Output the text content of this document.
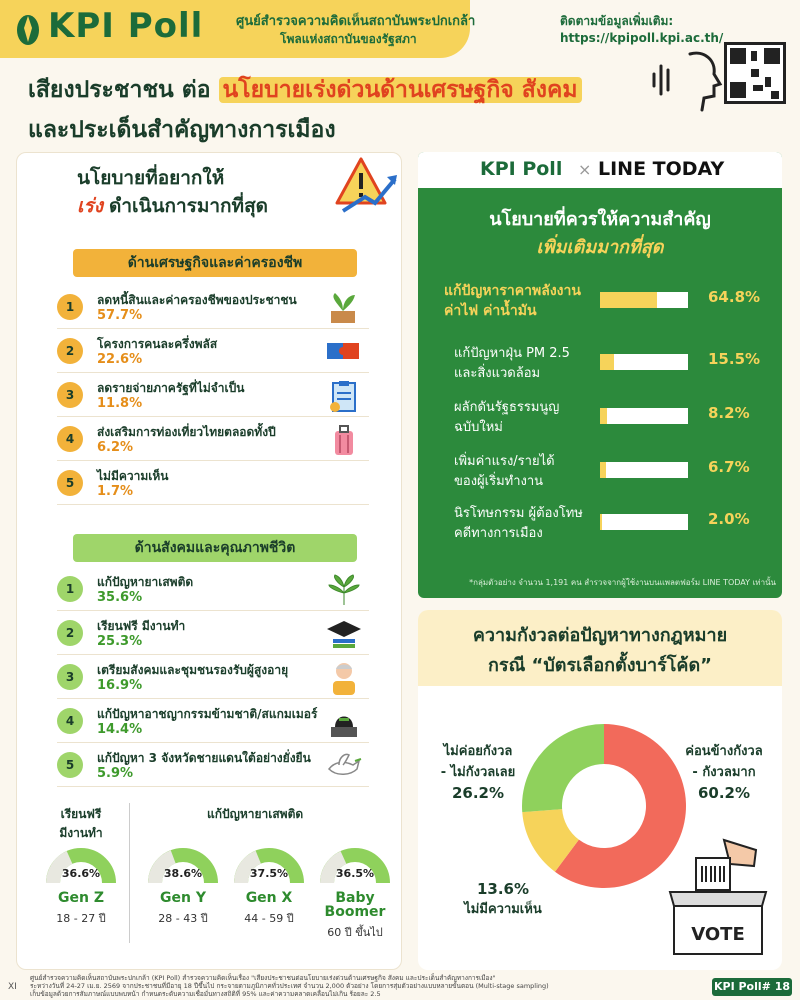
KPI Poll	ศูนย์สำรวจความคิดเห็นสถาบันพระปกเกล้า
โพลแห่งสถาบันของรัฐสภา
ติดตามข้อมูลเพิ่มเติม: https://kpipoll.kpi.ac.th/
เสียงประชาชน ต่อ นโยบายเร่งด่วนด้านเศรษฐกิจ สังคม
และประเด็นสำคัญทางการเมือง
นโยบายที่อยากให้
เร่ง ดำเนินการมากที่สุด
ด้านเศรษฐกิจและค่าครองชีพ
1	ลดหนี้สินและค่าครองชีพของประชาชน
57.7%
2	โครงการคนละครึ่งพลัส
22.6%
3	ลดรายจ่ายภาครัฐที่ไม่จำเป็น
11.8%
4	ส่งเสริมการท่องเที่ยวไทยตลอดทั้งปี
6.2%
5	ไม่มีความเห็น
1.7%
ด้านสังคมและคุณภาพชีวิต
1	แก้ปัญหายาเสพติด
35.6%
2	เรียนฟรี มีงานทำ
25.3%
3	เตรียมสังคมและชุมชนรองรับผู้สูงอายุ
16.9%
4	แก้ปัญหาอาชญากรรมข้ามชาติ/สแกมเมอร์
14.4%
5	แก้ปัญหา 3 จังหวัดชายแดนใต้อย่างยั่งยืน
5.9%
เรียนฟรี
มีงานทำ
แก้ปัญหายาเสพติด
36.6%
Gen Z
18 - 27 ปี
38.6%
Gen Y
28 - 43 ปี
37.5%
Gen X
44 - 59 ปี
36.5%
Baby
Boomer
60 ปี ขึ้นไป
KPI Poll × LINE TODAY
นโยบายที่ควรให้ความสำคัญ
เพิ่มเติมมากที่สุด
แก้ปัญหาราคาพลังงาน
ค่าไฟ ค่าน้ำมัน
64.8%
แก้ปัญหาฝุ่น PM 2.5
และสิ่งแวดล้อม
15.5%
ผลักดันรัฐธรรมนูญ
ฉบับใหม่
8.2%
เพิ่มค่าแรง/รายได้
ของผู้เริ่มทำงาน
6.7%
นิรโทษกรรม ผู้ต้องโทษ
คดีทางการเมือง
2.0%
*กลุ่มตัวอย่าง จำนวน 1,191 คน สำรวจจากผู้ใช้งานบนแพลตฟอร์ม LINE TODAY เท่านั้น
ความกังวลต่อปัญหาทางกฎหมาย
กรณี “บัตรเลือกตั้งบาร์โค้ด”
ไม่ค่อยกังวล
- ไม่กังวลเลย
26.2%
ค่อนข้างกังวล
- กังวลมาก
60.2%
13.6%
ไม่มีความเห็น
VOTE
XI
ศูนย์สำรวจความคิดเห็นสถาบันพระปกเกล้า (KPI Poll) สำรวจความคิดเห็นเรื่อง "เสียงประชาชนต่อนโยบายเร่งด่วนด้านเศรษฐกิจ สังคม และประเด็นสำคัญทางการเมือง"
ระหว่างวันที่ 24-27 เม.ย. 2569 จากประชาชนที่มีอายุ 18 ปีขึ้นไป กระจายตามภูมิภาคทั่วประเทศ จำนวน 2,000 ตัวอย่าง โดยการสุ่มตัวอย่างแบบหลายขั้นตอน (Multi-stage sampling)
เก็บข้อมูลด้วยการสัมภาษณ์แบบพบหน้า กำหนดระดับความเชื่อมั่นทางสถิติที่ 95% และค่าความคลาดเคลื่อนไม่เกิน ร้อยละ 2.5
KPI Poll# 18
